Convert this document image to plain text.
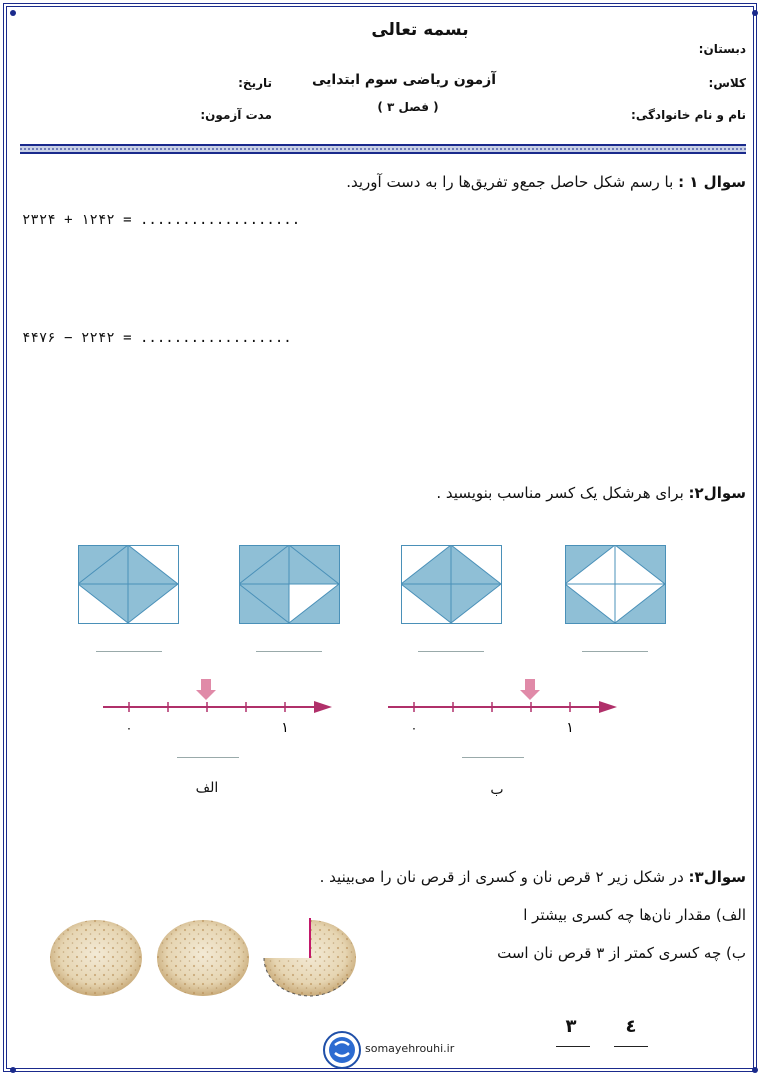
بسمه تعالی
دبستان:
کلاس:
نام و نام خانوادگی:
آزمون ریاضی سوم ابتدایی
( فصل ۳ )
تاریخ:
مدت آزمون:
سوال ۱ : با رسم شکل حاصل جمع‌و تفریق‌ها را به دست آورید.
۲۳۲۴ + ۱۲۴۲ = ...................
۴۴۷۶ − ۲۲۴۲ = ..................
سوال۲: برای هرشکل یک کسر مناسب بنویسید .
۰	۱
الف
۰	۱
ب
سوال۳: در شکل زیر ۲ قرص نان و کسری از قرص نان را می‌بینید .
الف) مقدار نان‌ها چه کسری بیشتر ا
ب) چه کسری کمتر از ۳ قرص نان است
۳	٤
somayehrouhi.ir
